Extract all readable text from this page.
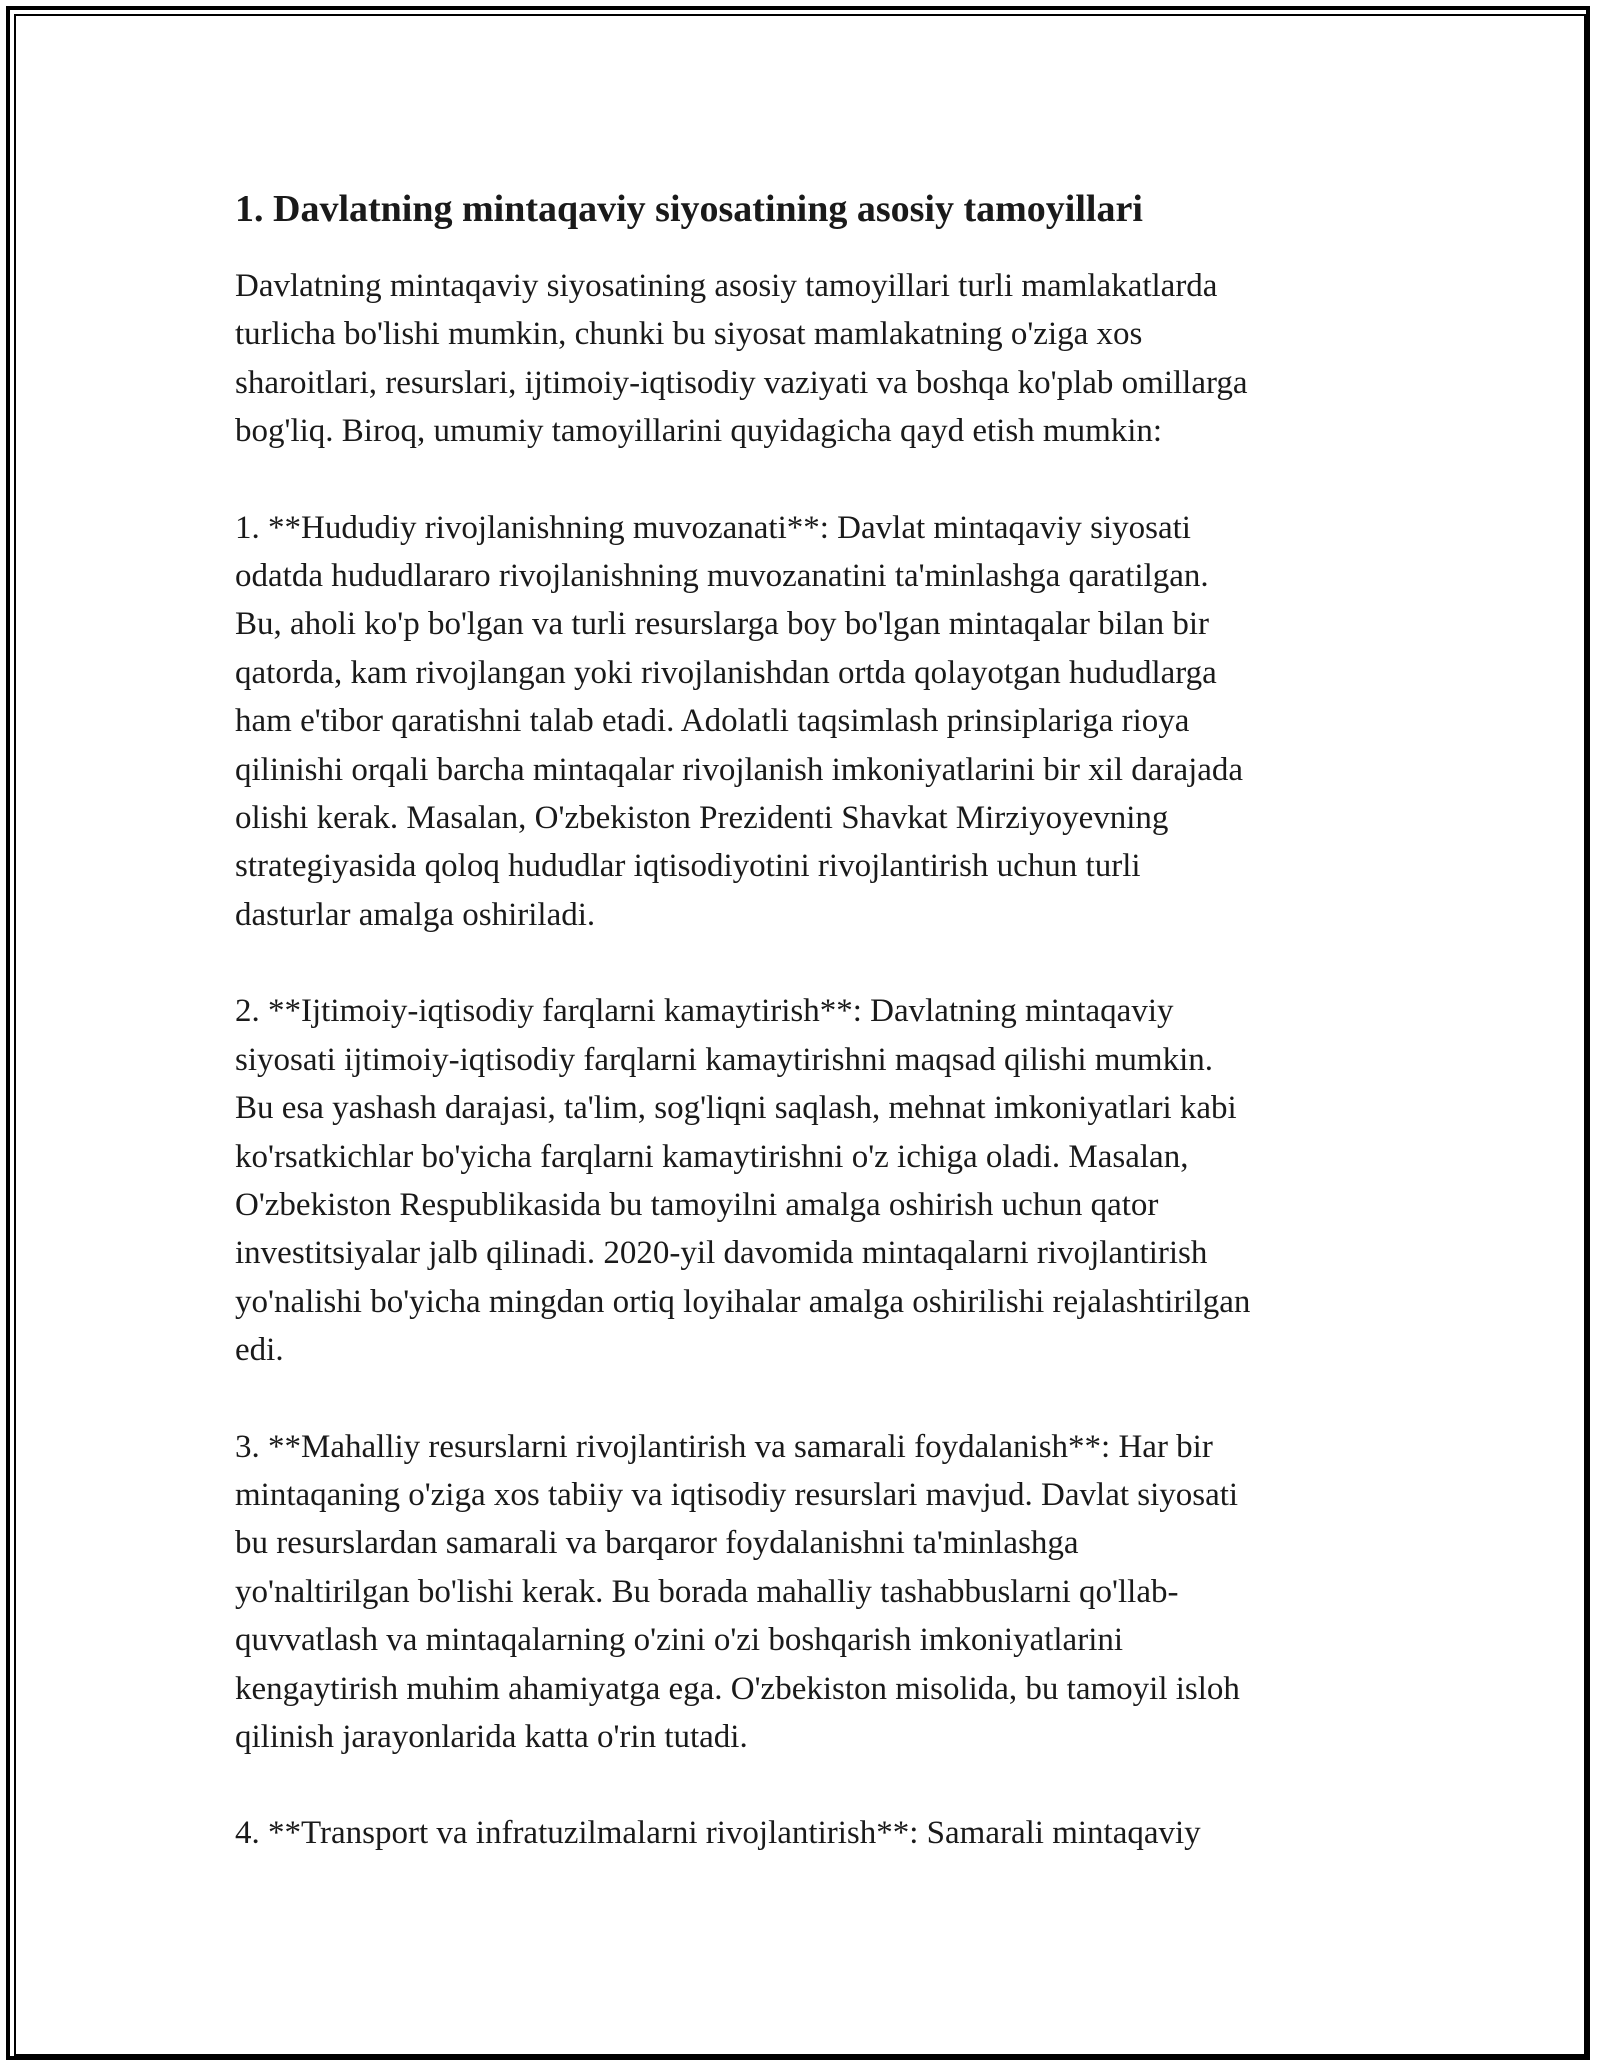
1. Davlatning mintaqaviy siyosatining asosiy tamoyillari

Davlatning mintaqaviy siyosatining asosiy tamoyillari turli mamlakatlarda
turlicha bo'lishi mumkin, chunki bu siyosat mamlakatning o'ziga xos
sharoitlari, resurslari, ijtimoiy-iqtisodiy vaziyati va boshqa ko'plab omillarga
bog'liq. Biroq, umumiy tamoyillarini quyidagicha qayd etish mumkin:

1. **Hududiy rivojlanishning muvozanati**: Davlat mintaqaviy siyosati
odatda hududlararo rivojlanishning muvozanatini ta'minlashga qaratilgan.
Bu, aholi ko'p bo'lgan va turli resurslarga boy bo'lgan mintaqalar bilan bir
qatorda, kam rivojlangan yoki rivojlanishdan ortda qolayotgan hududlarga
ham e'tibor qaratishni talab etadi. Adolatli taqsimlash prinsiplariga rioya
qilinishi orqali barcha mintaqalar rivojlanish imkoniyatlarini bir xil darajada
olishi kerak. Masalan, O'zbekiston Prezidenti Shavkat Mirziyoyevning
strategiyasida qoloq hududlar iqtisodiyotini rivojlantirish uchun turli
dasturlar amalga oshiriladi.

2. **Ijtimoiy-iqtisodiy farqlarni kamaytirish**: Davlatning mintaqaviy
siyosati ijtimoiy-iqtisodiy farqlarni kamaytirishni maqsad qilishi mumkin.
Bu esa yashash darajasi, ta'lim, sog'liqni saqlash, mehnat imkoniyatlari kabi
ko'rsatkichlar bo'yicha farqlarni kamaytirishni o'z ichiga oladi. Masalan,
O'zbekiston Respublikasida bu tamoyilni amalga oshirish uchun qator
investitsiyalar jalb qilinadi. 2020-yil davomida mintaqalarni rivojlantirish
yo'nalishi bo'yicha mingdan ortiq loyihalar amalga oshirilishi rejalashtirilgan
edi.

3. **Mahalliy resurslarni rivojlantirish va samarali foydalanish**: Har bir
mintaqaning o'ziga xos tabiiy va iqtisodiy resurslari mavjud. Davlat siyosati
bu resurslardan samarali va barqaror foydalanishni ta'minlashga
yo'naltirilgan bo'lishi kerak. Bu borada mahalliy tashabbuslarni qo'llab-
quvvatlash va mintaqalarning o'zini o'zi boshqarish imkoniyatlarini
kengaytirish muhim ahamiyatga ega. O'zbekiston misolida, bu tamoyil isloh
qilinish jarayonlarida katta o'rin tutadi.

4. **Transport va infratuzilmalarni rivojlantirish**: Samarali mintaqaviy
